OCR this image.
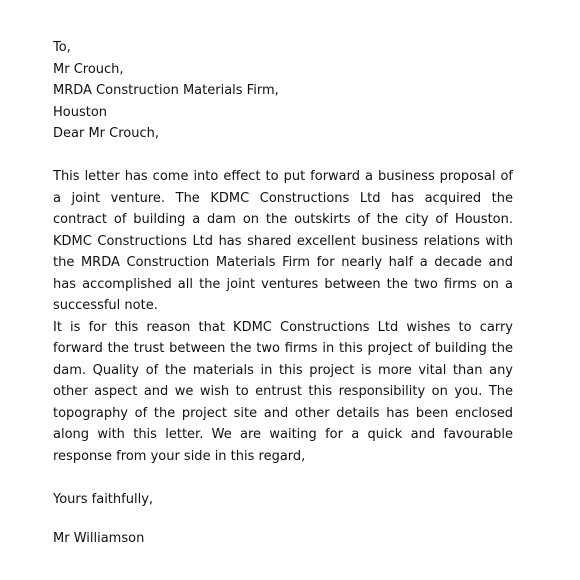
To,
Mr Crouch,
MRDA Construction Materials Firm,
Houston
Dear Mr Crouch,
This letter has come into effect to put forward a business proposal of a joint venture. The KDMC Constructions Ltd has acquired the contract of building a dam on the outskirts of the city of Houston. KDMC Constructions Ltd has shared excellent business relations with the MRDA Construction Materials Firm for nearly half a decade and has accomplished all the joint ventures between the two firms on a successful note.
It is for this reason that KDMC Constructions Ltd wishes to carry forward the trust between the two firms in this project of building the dam. Quality of the materials in this project is more vital than any other aspect and we wish to entrust this responsibility on you. The topography of the project site and other details has been enclosed along with this letter. We are waiting for a quick and favourable response from your side in this regard,
Yours faithfully,
Mr Williamson
